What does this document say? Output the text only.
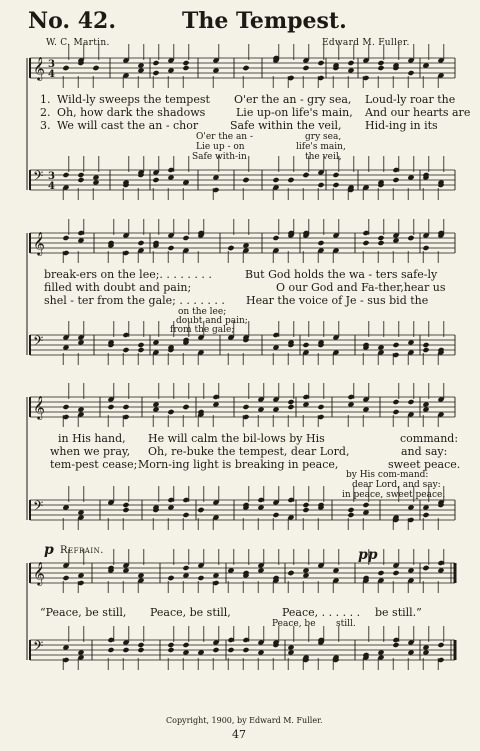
No. 42.	The Tempest.
W. C. Martin.	Edward M. Fuller.
𝄞 3
4
𝄢 3
4
𝄞
𝄢
𝄞
𝄢
𝄞
𝄢
1.
2.
3.
Wild-ly sweeps the tempest O'er the an - gry sea, Loud-ly roar the
Oh, how dark the shadows	Lie up-on life's main, And our hearts are
We will cast the an - chor	Safe within the veil, Hid-ing in its
O'er the an -	gry sea,
Lie up - on	life's main,
Safe with-in	the veil,
break-ers on the lee;. . . . . . . .	But God holds the wa - ters safe-ly
filled with doubt and pain;	O our God and Fa-ther,hear us
shel - ter from the gale; . . . . . . . Hear the voice of Je - sus bid the
on the lee;
doubt and pain;
from the gale;
in His hand, He will calm the bil-lows by His	command:
when we pray, Oh, re-buke the tempest, dear Lord,	and say:
tem-pest cease; Morn-ing light is breaking in peace,	sweet peace.
by His com-mand:
dear Lord, and say:
in peace, sweet peace.
p Refrain.	pp
“Peace, be still, Peace, be still,	Peace, . . . . . . be still.”
Peace, be still.
Copyright, 1900, by Edward M. Fuller.
47
